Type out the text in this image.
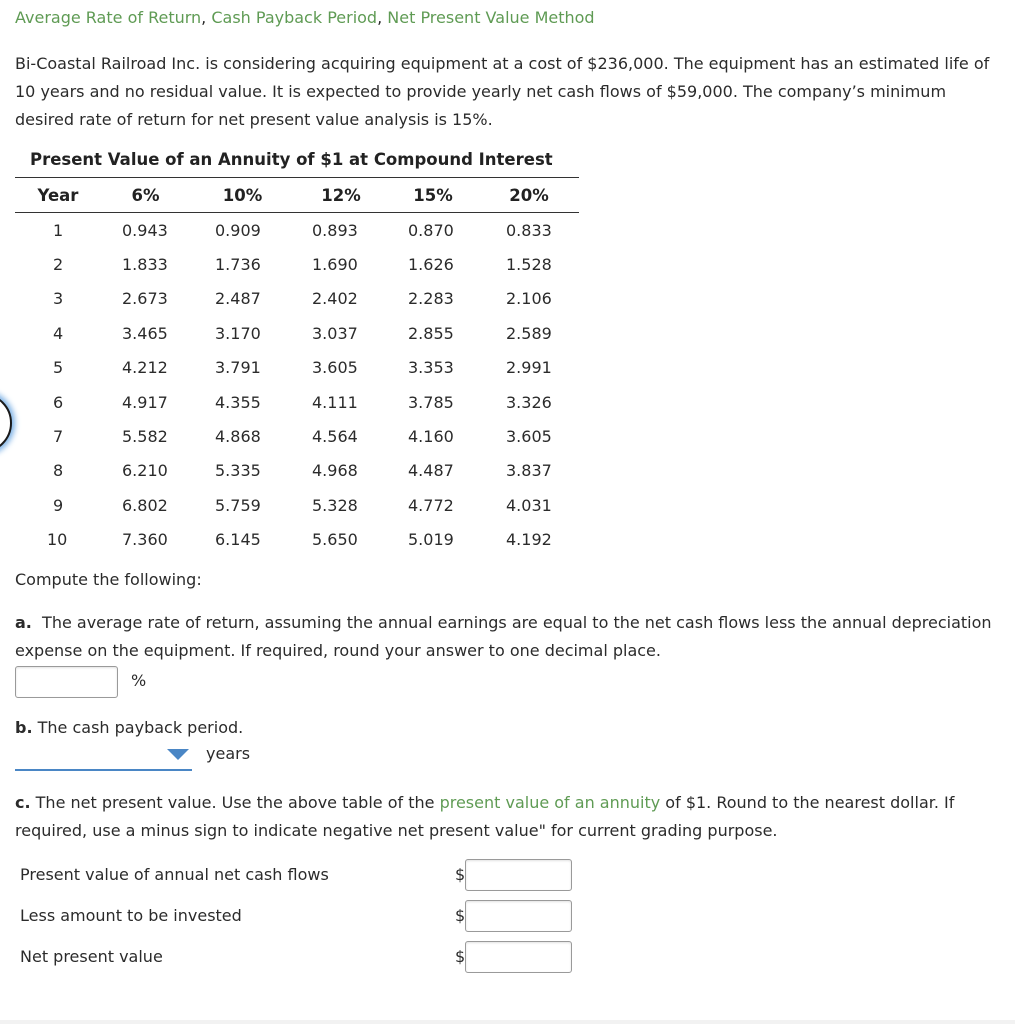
Average Rate of Return, Cash Payback Period, Net Present Value Method
Bi-Coastal Railroad Inc. is considering acquiring equipment at a cost of $236,000. The equipment has an estimated life of 10 years and no residual value. It is expected to provide yearly net cash flows of $59,000. The company’s minimum desired rate of return for net present value analysis is 15%.
Present Value of an Annuity of $1 at Compound Interest
Year	6%	10%	12%	15%	20%
1	0.943	0.909	0.893	0.870	0.833
2	1.833	1.736	1.690	1.626	1.528
3	2.673	2.487	2.402	2.283	2.106
4	3.465	3.170	3.037	2.855	2.589
5	4.212	3.791	3.605	3.353	2.991
6	4.917	4.355	4.111	3.785	3.326
7	5.582	4.868	4.564	4.160	3.605
8	6.210	5.335	4.968	4.487	3.837
9	6.802	5.759	5.328	4.772	4.031
10	7.360	6.145	5.650	5.019	4.192
Compute the following:
a. The average rate of return, assuming the annual earnings are equal to the net cash flows less the annual depreciation expense on the equipment. If required, round your answer to one decimal place.
%
b. The cash payback period.
years
c. The net present value. Use the above table of the present value of an annuity of $1. Round to the nearest dollar. If required, use a minus sign to indicate negative net present value" for current grading purpose.
Present value of annual net cash flows	$
Less amount to be invested	$
Net present value	$
